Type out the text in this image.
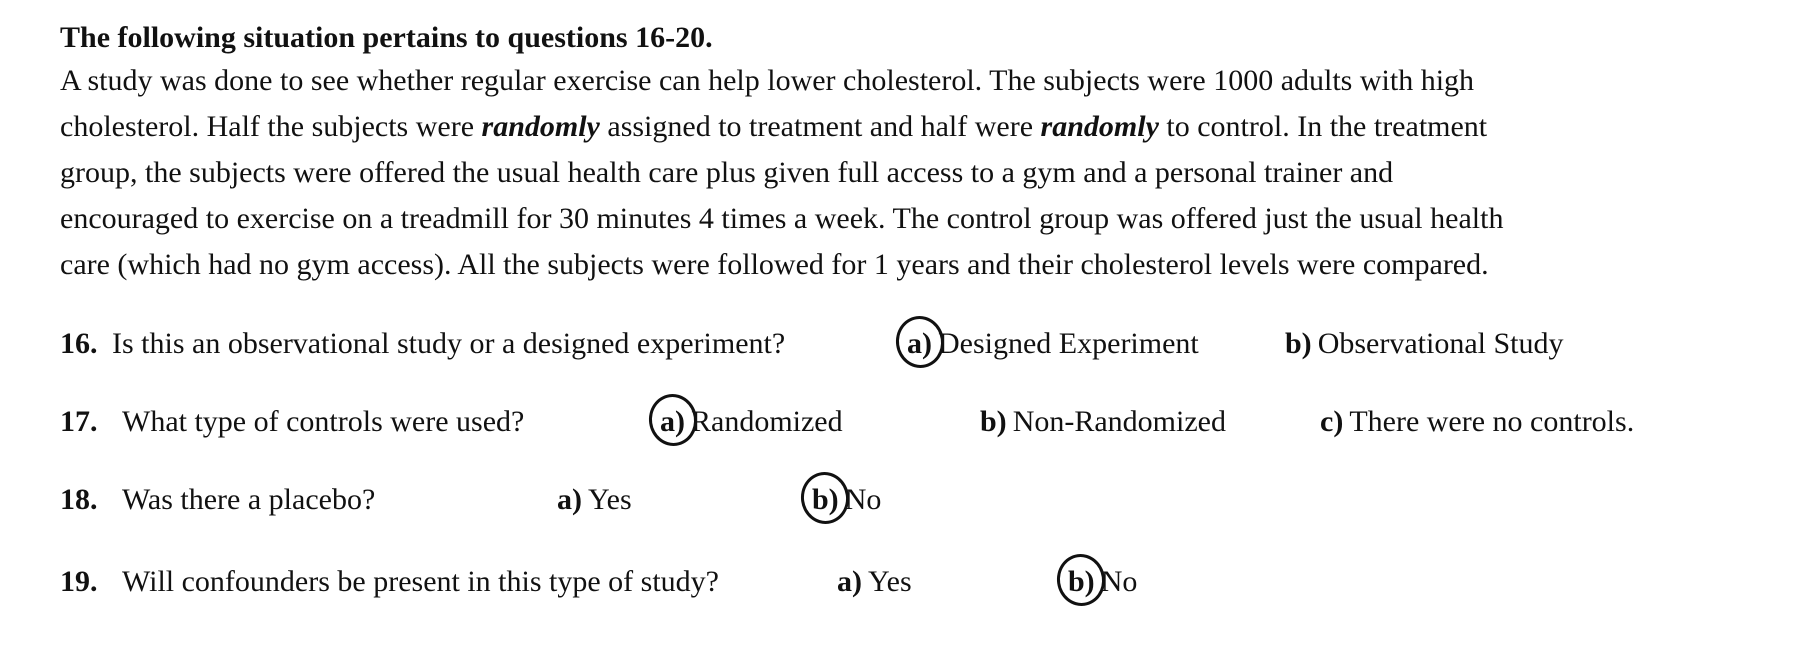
The following situation pertains to questions 16-20.
A study was done to see whether regular exercise can help lower cholesterol. The subjects were 1000 adults with high
cholesterol. Half the subjects were randomly assigned to treatment and half were randomly to control. In the treatment
group, the subjects were offered the usual health care plus given full access to a gym and a personal trainer and
encouraged to exercise on a treadmill for 30 minutes 4 times a week. The control group was offered just the usual health
care (which had no gym access). All the subjects were followed for 1 years and their cholesterol levels were compared.
16. Is this an observational study or a designed experiment?	a) Designed Experiment	b) Observational Study
17. What type of controls were used?	a) Randomized	b) Non-Randomized	c) There were no controls.
18. Was there a placebo?	a) Yes	b) No
19. Will confounders be present in this type of study?	a) Yes	b) No
